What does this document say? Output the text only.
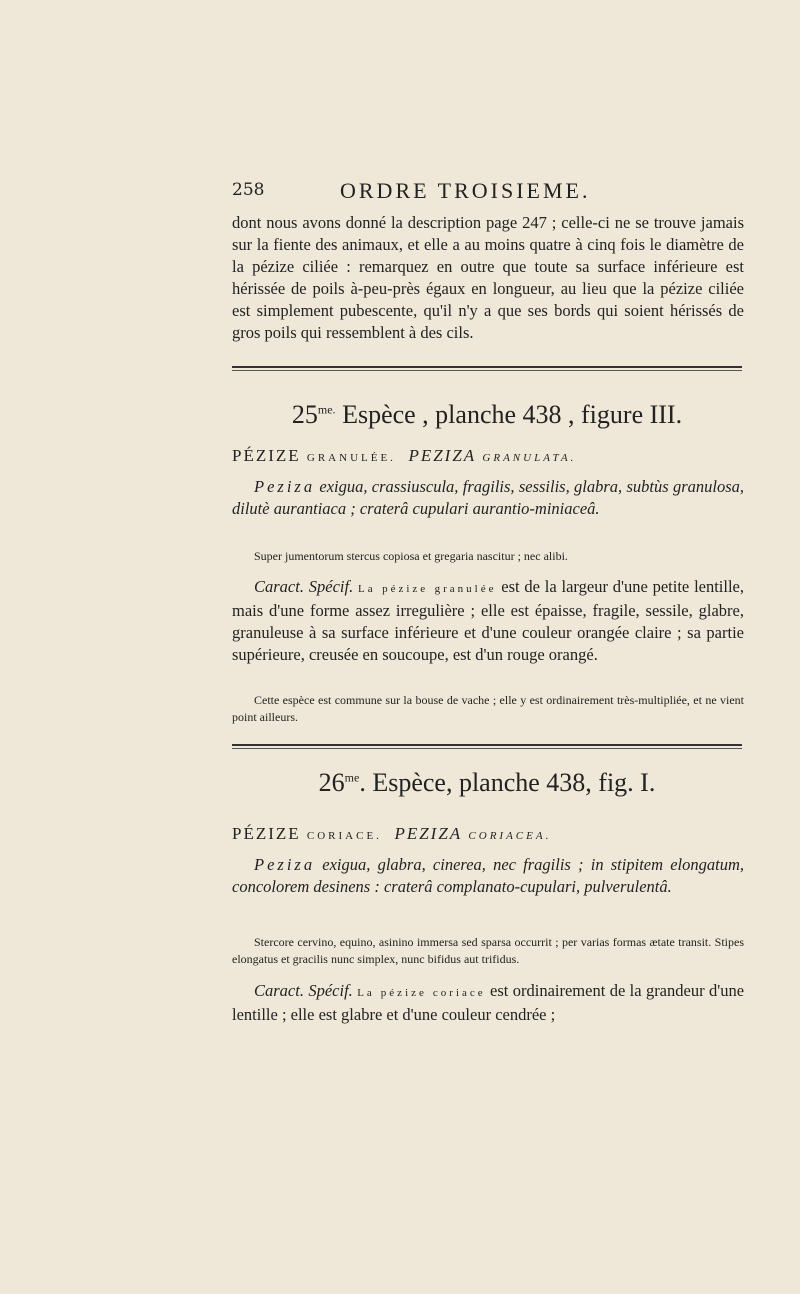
258	ORDRE TROISIEME.
dont nous avons donné la description page 247 ; celle-ci ne se trouve jamais sur la fiente des animaux, et elle a au moins quatre à cinq fois le diamètre de la pézize ciliée : remarquez en outre que toute sa surface inférieure est hérissée de poils à-peu-près égaux en longueur, au lieu que la pézize ciliée est simplement pubescente, qu'il n'y a que ses bords qui soient hérissés de gros poils qui ressemblent à des cils.
$25^{me.}$ Espèce , planche 438 , figure III.
PÉZIZE GRANULÉE. PEZIZA GRANULATA.
Peziza exigua, crassiuscula, fragilis, sessilis, glabra, subtùs granulosa, dilutè aurantiaca ; craterâ cupulari aurantio-miniaceâ.
Super jumentorum stercus copiosa et gregaria nascitur ; nec alibi.
Caract. Spécif. La pézize granulée est de la largeur d'une petite lentille, mais d'une forme assez irregulière ; elle est épaisse, fragile, sessile, glabre, granuleuse à sa surface inférieure et d'une couleur orangée claire ; sa partie supérieure, creusée en soucoupe, est d'un rouge orangé.
Cette espèce est commune sur la bouse de vache ; elle y est ordinairement très-multipliée, et ne vient point ailleurs.
$26^{me}$. Espèce, planche 438, fig. I.
PÉZIZE CORIACE. PEZIZA CORIACEA.
Peziza exigua, glabra, cinerea, nec fragilis ; in stipitem elongatum, concolorem desinens : craterâ complanato-cupulari, pulverulentâ.
Stercore cervino, equino, asinino immersa sed sparsa occurrit ; per varias formas ætate transit. Stipes elongatus et gracilis nunc simplex, nunc bifidus aut trifidus.
Caract. Spécif. La pézize coriace est ordinairement de la grandeur d'une lentille ; elle est glabre et d'une couleur cendrée ;
